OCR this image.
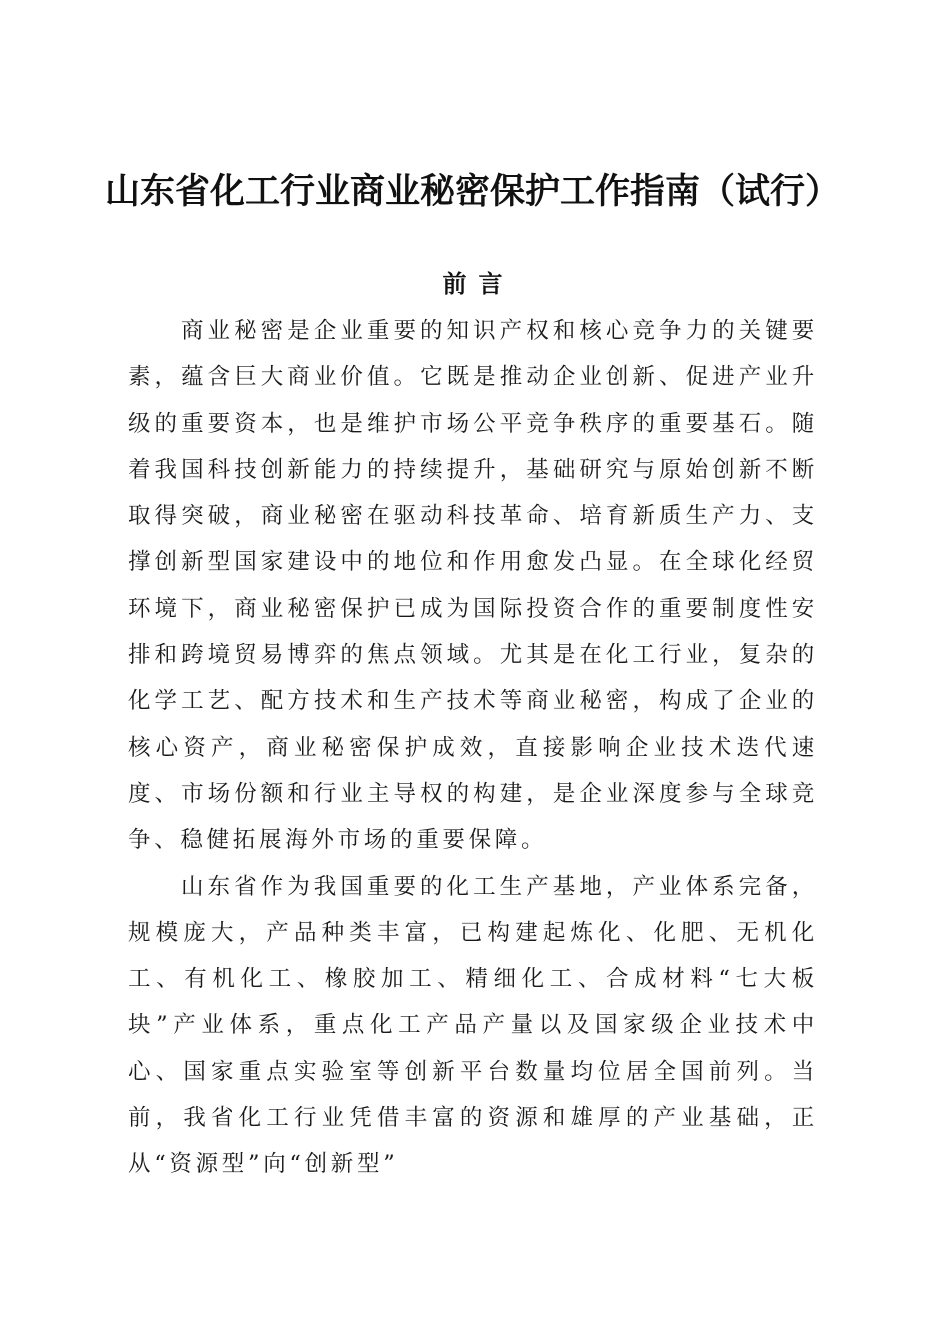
山东省化工行业商业秘密保护工作指南（试行）
前言

商业秘密是企业重要的知识产权和核心竞争力的关键要素，蕴含巨大商业价值。它既是推动企业创新、促进产业升级的重要资本，也是维护市场公平竞争秩序的重要基石。随着我国科技创新能力的持续提升，基础研究与原始创新不断取得突破，商业秘密在驱动科技革命、培育新质生产力、支撑创新型国家建设中的地位和作用愈发凸显。在全球化经贸环境下，商业秘密保护已成为国际投资合作的重要制度性安排和跨境贸易博弈的焦点领域。尤其是在化工行业，复杂的化学工艺、配方技术和生产技术等商业秘密，构成了企业的核心资产，商业秘密保护成效，直接影响企业技术迭代速度、市场份额和行业主导权的构建，是企业深度参与全球竞争、稳健拓展海外市场的重要保障。

山东省作为我国重要的化工生产基地，产业体系完备，规模庞大，产品种类丰富，已构建起炼化、化肥、无机化工、有机化工、橡胶加工、精细化工、合成材料“七大板块”产业体系，重点化工产品产量以及国家级企业技术中心、国家重点实验室等创新平台数量均位居全国前列。当前，我省化工行业凭借丰富的资源和雄厚的产业基础，正从“资源型”向“创新型”
